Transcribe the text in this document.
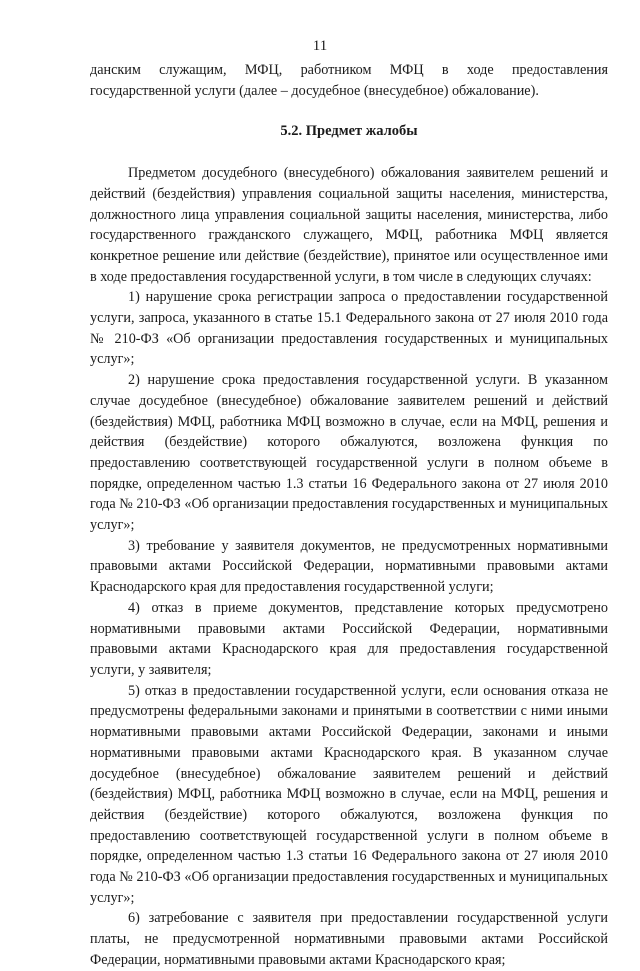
11

данским служащим, МФЦ, работником МФЦ в ходе предоставления государственной услуги (далее – досудебное (внесудебное) обжалование).

5.2. Предмет жалобы

Предметом досудебного (внесудебного) обжалования заявителем решений и действий (бездействия) управления социальной защиты населения, министерства, должностного лица управления социальной защиты населения, министерства, либо государственного гражданского служащего, МФЦ, работника МФЦ является конкретное решение или действие (бездействие), принятое или осуществленное ими в ходе предоставления государственной услуги, в том числе в следующих случаях:

1) нарушение срока регистрации запроса о предоставлении государственной услуги, запроса, указанного в статье 15.1 Федерального закона от 27 июля 2010 года № 210-ФЗ «Об организации предоставления государственных и муниципальных услуг»;

2) нарушение срока предоставления государственной услуги. В указанном случае досудебное (внесудебное) обжалование заявителем решений и действий (бездействия) МФЦ, работника МФЦ возможно в случае, если на МФЦ, решения и действия (бездействие) которого обжалуются, возложена функция по предоставлению соответствующей государственной услуги в полном объеме в порядке, определенном частью 1.3 статьи 16 Федерального закона от 27 июля 2010 года № 210-ФЗ «Об организации предоставления государственных и муниципальных услуг»;

3) требование у заявителя документов, не предусмотренных нормативными правовыми актами Российской Федерации, нормативными правовыми актами Краснодарского края для предоставления государственной услуги;

4) отказ в приеме документов, представление которых предусмотрено нормативными правовыми актами Российской Федерации, нормативными правовыми актами Краснодарского края для предоставления государственной услуги, у заявителя;

5) отказ в предоставлении государственной услуги, если основания отказа не предусмотрены федеральными законами и принятыми в соответствии с ними иными нормативными правовыми актами Российской Федерации, законами и иными нормативными правовыми актами Краснодарского края. В указанном случае досудебное (внесудебное) обжалование заявителем решений и действий (бездействия) МФЦ, работника МФЦ возможно в случае, если на МФЦ, решения и действия (бездействие) которого обжалуются, возложена функция по предоставлению соответствующей государственной услуги в полном объеме в порядке, определенном частью 1.3 статьи 16 Федерального закона от 27 июля 2010 года № 210-ФЗ «Об организации предоставления государственных и муниципальных услуг»;

6) затребование с заявителя при предоставлении государственной услуги платы, не предусмотренной нормативными правовыми актами Российской Федерации, нормативными правовыми актами Краснодарского края;
